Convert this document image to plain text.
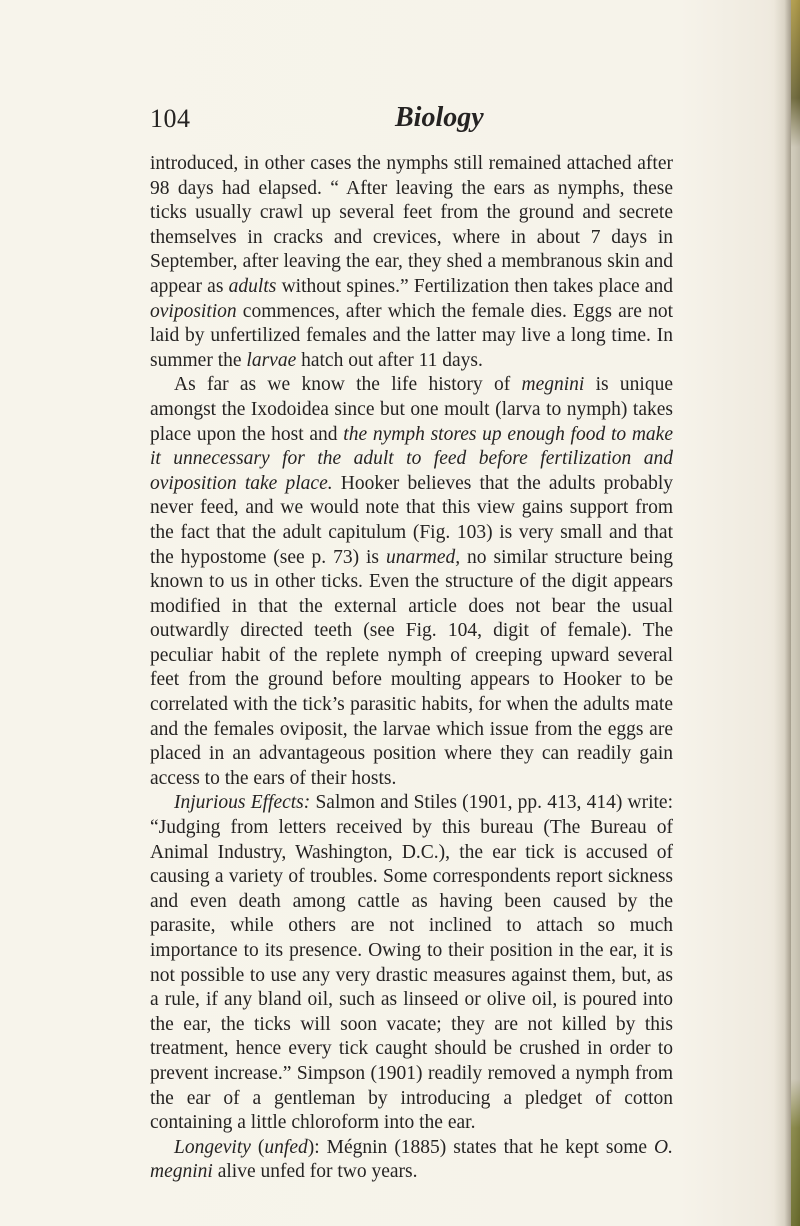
104	Biology

introduced, in other cases the nymphs still remained attached after 98 days had elapsed. “ After leaving the ears as nymphs, these ticks usually crawl up several feet from the ground and secrete themselves in cracks and crevices, where in about 7 days in September, after leaving the ear, they shed a membranous skin and appear as adults without spines.” Fertilization then takes place and oviposition commences, after which the female dies. Eggs are not laid by unfertilized females and the latter may live a long time. In summer the larvae hatch out after 11 days.

As far as we know the life history of megnini is unique amongst the Ixodoidea since but one moult (larva to nymph) takes place upon the host and the nymph stores up enough food to make it unnecessary for the adult to feed before fertilization and oviposition take place. Hooker believes that the adults probably never feed, and we would note that this view gains support from the fact that the adult capitulum (Fig. 103) is very small and that the hypostome (see p. 73) is unarmed, no similar structure being known to us in other ticks. Even the structure of the digit appears modified in that the external article does not bear the usual outwardly directed teeth (see Fig. 104, digit of female). The peculiar habit of the replete nymph of creeping upward several feet from the ground before moulting appears to Hooker to be correlated with the tick’s parasitic habits, for when the adults mate and the females oviposit, the larvae which issue from the eggs are placed in an advantageous position where they can readily gain access to the ears of their hosts.

Injurious Effects: Salmon and Stiles (1901, pp. 413, 414) write: “Judging from letters received by this bureau (The Bureau of Animal Industry, Washington, D.C.), the ear tick is accused of causing a variety of troubles. Some correspondents report sickness and even death among cattle as having been caused by the parasite, while others are not inclined to attach so much importance to its presence. Owing to their position in the ear, it is not possible to use any very drastic measures against them, but, as a rule, if any bland oil, such as linseed or olive oil, is poured into the ear, the ticks will soon vacate; they are not killed by this treatment, hence every tick caught should be crushed in order to prevent increase.” Simpson (1901) readily removed a nymph from the ear of a gentleman by introducing a pledget of cotton containing a little chloroform into the ear.

Longevity (unfed): Mégnin (1885) states that he kept some O. megnini alive unfed for two years.
